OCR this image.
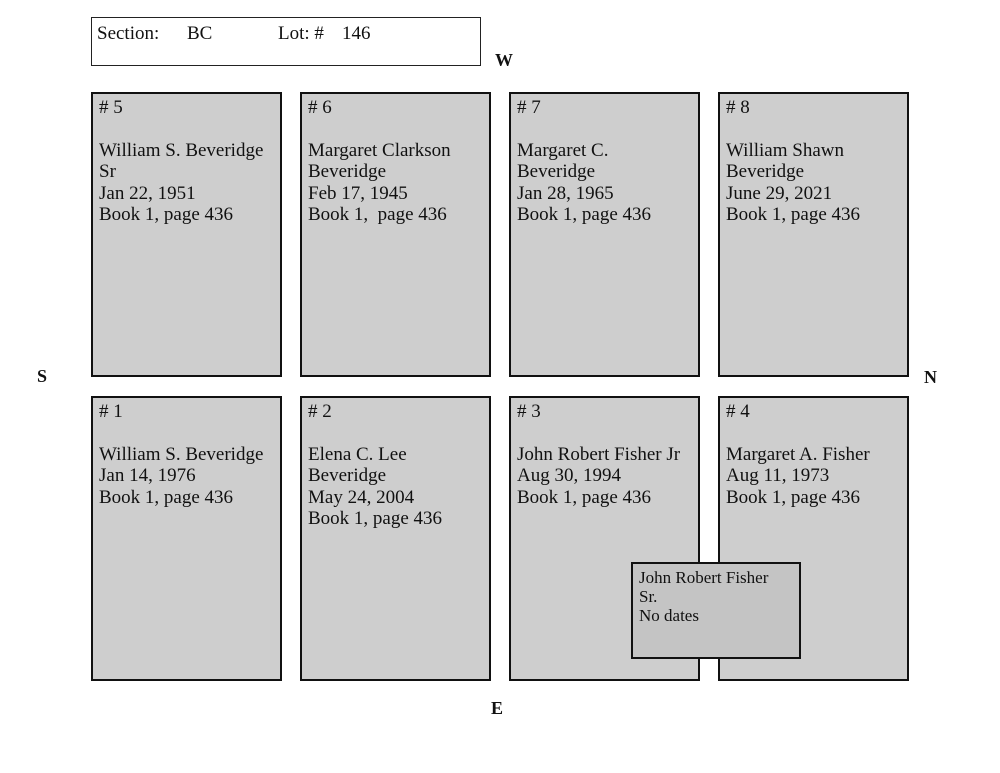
Section: BC	Lot: # 146
W
E
S	N
# 5
William S. Beveridge
Sr
Jan 22, 1951
Book 1, page 436
# 6
Margaret Clarkson
Beveridge
Feb 17, 1945
Book 1,  page 436
# 7
Margaret C.
Beveridge
Jan 28, 1965
Book 1, page 436
# 8
William Shawn
Beveridge
June 29, 2021
Book 1, page 436
# 1
William S. Beveridge
Jan 14, 1976
Book 1, page 436
# 2
Elena C. Lee
Beveridge
May 24, 2004
Book 1, page 436
# 3
John Robert Fisher Jr
Aug 30, 1994
Book 1, page 436
# 4
Margaret A. Fisher
Aug 11, 1973
Book 1, page 436
John Robert Fisher
Sr.
No dates
